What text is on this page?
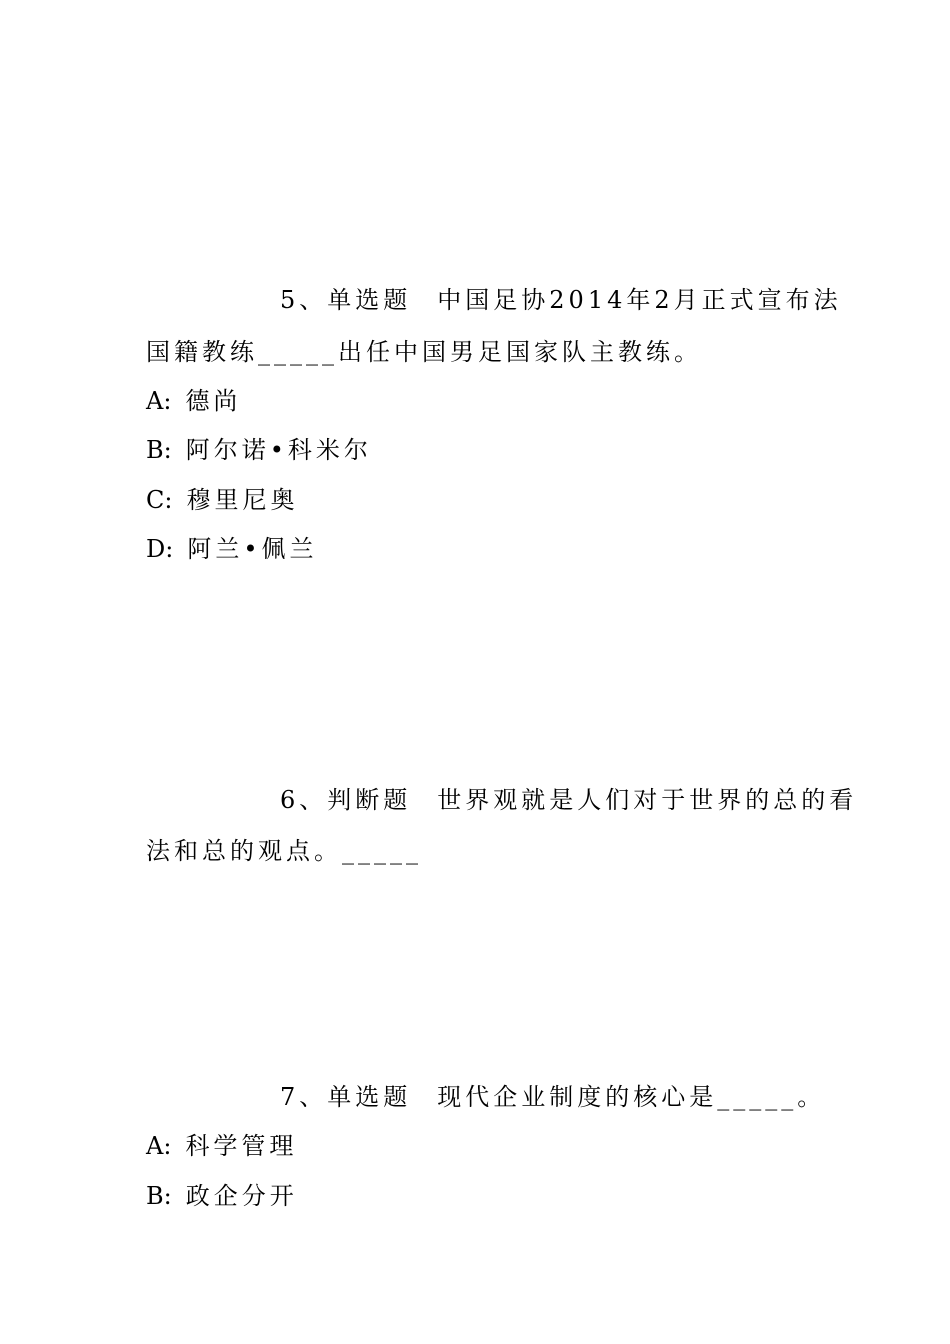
5、单选题 中国足协2014年2月正式宣布法
国籍教练_____出任中国男足国家队主教练。
A: 德尚
B: 阿尔诺•科米尔
C: 穆里尼奥
D: 阿兰•佩兰
6、判断题 世界观就是人们对于世界的总的看
法和总的观点。_____
7、单选题 现代企业制度的核心是_____。
A: 科学管理
B: 政企分开
